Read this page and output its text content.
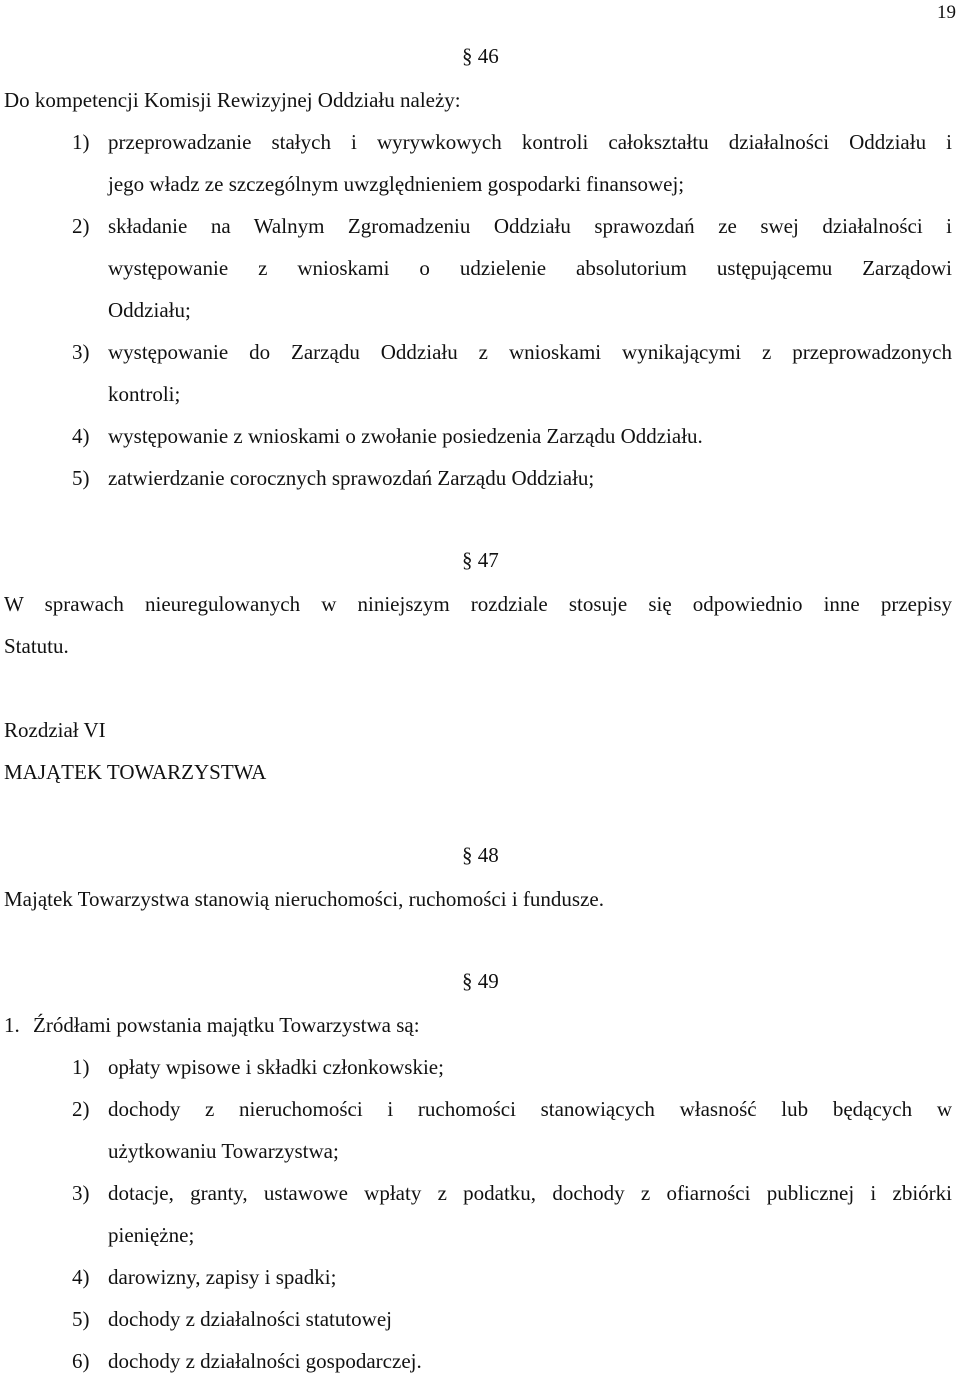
19
§ 46
Do kompetencji Komisji Rewizyjnej Oddziału należy:
1) przeprowadzanie stałych i wyrywkowych kontroli całokształtu działalności Oddziału i
jego władz ze szczególnym uwzględnieniem gospodarki finansowej;
2) składanie na Walnym Zgromadzeniu Oddziału sprawozdań ze swej działalności i
występowanie z wnioskami o udzielenie absolutorium ustępującemu Zarządowi
Oddziału;
3) występowanie do Zarządu Oddziału z wnioskami wynikającymi z przeprowadzonych
kontroli;
4) występowanie z wnioskami o zwołanie posiedzenia Zarządu Oddziału.
5) zatwierdzanie corocznych sprawozdań Zarządu Oddziału;
§ 47
W sprawach nieuregulowanych w niniejszym rozdziale stosuje się odpowiednio inne przepisy
Statutu.
Rozdział VI
MAJĄTEK TOWARZYSTWA
§ 48
Majątek Towarzystwa stanowią nieruchomości, ruchomości i fundusze.
§ 49
1. Źródłami powstania majątku Towarzystwa są:
1) opłaty wpisowe i składki członkowskie;
2) dochody z nieruchomości i ruchomości stanowiących własność lub będących w
użytkowaniu Towarzystwa;
3) dotacje, granty, ustawowe wpłaty z podatku, dochody z ofiarności publicznej i zbiórki
pieniężne;
4) darowizny, zapisy i spadki;
5) dochody z działalności statutowej
6) dochody z działalności gospodarczej.
